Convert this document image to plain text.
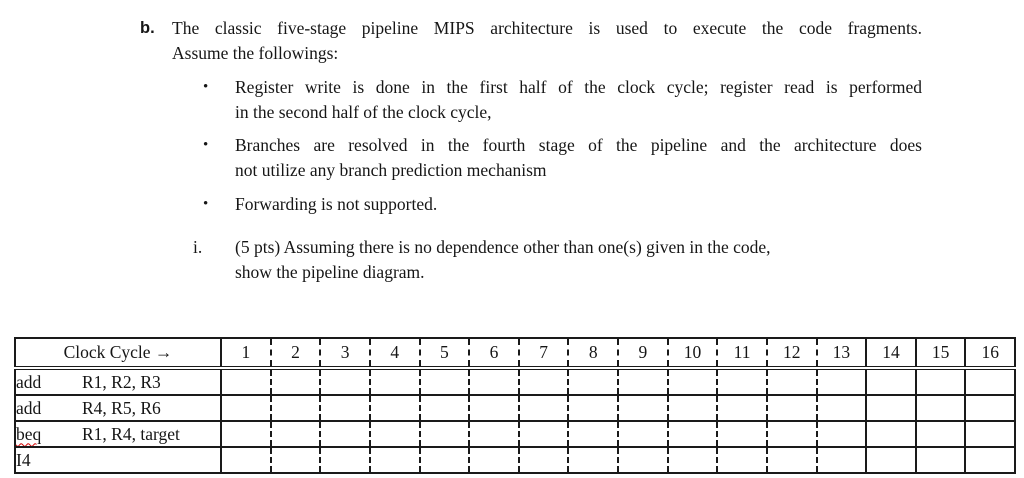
b. The classic five-stage pipeline MIPS architecture is used to execute the code fragments.
Assume the followings:
•	Register write is done in the first half of the clock cycle; register read is performed
in the second half of the clock cycle,
•	Branches are resolved in the fourth stage of the pipeline and the architecture does
not utilize any branch prediction mechanism
•	Forwarding is not supported.
i.	(5 pts) Assuming there is no dependence other than one(s) given in the code,
show the pipeline diagram.
Clock Cycle →	1	2	3	4	5	6	7	8	9	10	11	12	13	14	15	16
add R1, R2, R3																
add R4, R5, R6																
beq R1, R4, target																
I4																
